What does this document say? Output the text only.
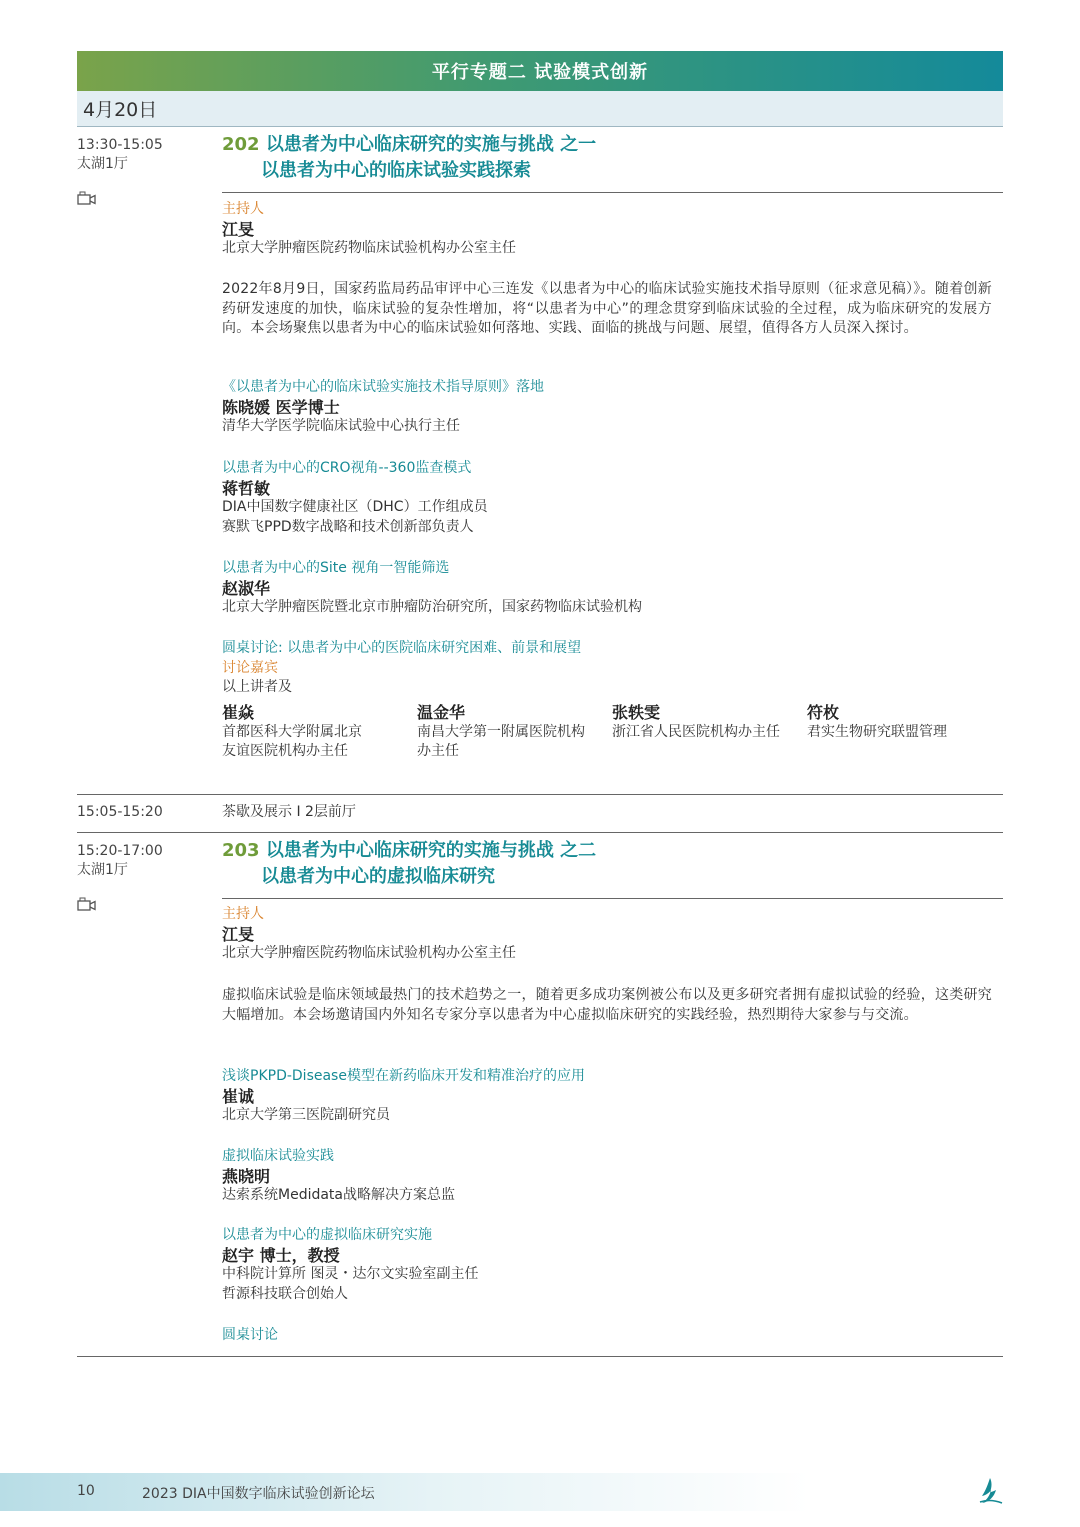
平行专题二 试验模式创新
4月20日
13:30-15:05
太湖1厅
202 以患者为中心临床研究的实施与挑战 之一
以患者为中心的临床试验实践探索
主持人
江旻
北京大学肿瘤医院药物临床试验机构办公室主任
2022年8月9日，国家药监局药品审评中心三连发《以患者为中心的临床试验实施技术指导原则（征求意见稿）》。随着创新药研发速度的加快，临床试验的复杂性增加，将“以患者为中心”的理念贯穿到临床试验的全过程，成为临床研究的发展方向。本会场聚焦以患者为中心的临床试验如何落地、实践、面临的挑战与问题、展望，值得各方人员深入探讨。
《以患者为中心的临床试验实施技术指导原则》落地
陈晓媛 医学博士
清华大学医学院临床试验中心执行主任
以患者为中心的CRO视角--360监查模式
蒋哲敏
DIA中国数字健康社区（DHC）工作组成员
赛默飞PPD数字战略和技术创新部负责人
以患者为中心的Site 视角一智能筛选
赵淑华
北京大学肿瘤医院暨北京市肿瘤防治研究所，国家药物临床试验机构
圆桌讨论: 以患者为中心的医院临床研究困难、前景和展望
讨论嘉宾
以上讲者及
崔焱
首都医科大学附属北京友谊医院机构办主任
温金华
南昌大学第一附属医院机构办主任
张轶雯
浙江省人民医院机构办主任
符枚
君实生物研究联盟管理
15:05-15:20	茶歇及展示 I 2层前厅
15:20-17:00
太湖1厅
203 以患者为中心临床研究的实施与挑战 之二
以患者为中心的虚拟临床研究
主持人
江旻
北京大学肿瘤医院药物临床试验机构办公室主任
虚拟临床试验是临床领域最热门的技术趋势之一，随着更多成功案例被公布以及更多研究者拥有虚拟试验的经验，这类研究大幅增加。本会场邀请国内外知名专家分享以患者为中心虚拟临床研究的实践经验，热烈期待大家参与与交流。
浅谈PKPD-Disease模型在新药临床开发和精准治疗的应用
崔诚
北京大学第三医院副研究员
虚拟临床试验实践
燕晓明
达索系统Medidata战略解决方案总监
以患者为中心的虚拟临床研究实施
赵宇 博士，教授
中科院计算所 图灵・达尔文实验室副主任
哲源科技联合创始人
圆桌讨论
10	2023 DIA中国数字临床试验创新论坛
